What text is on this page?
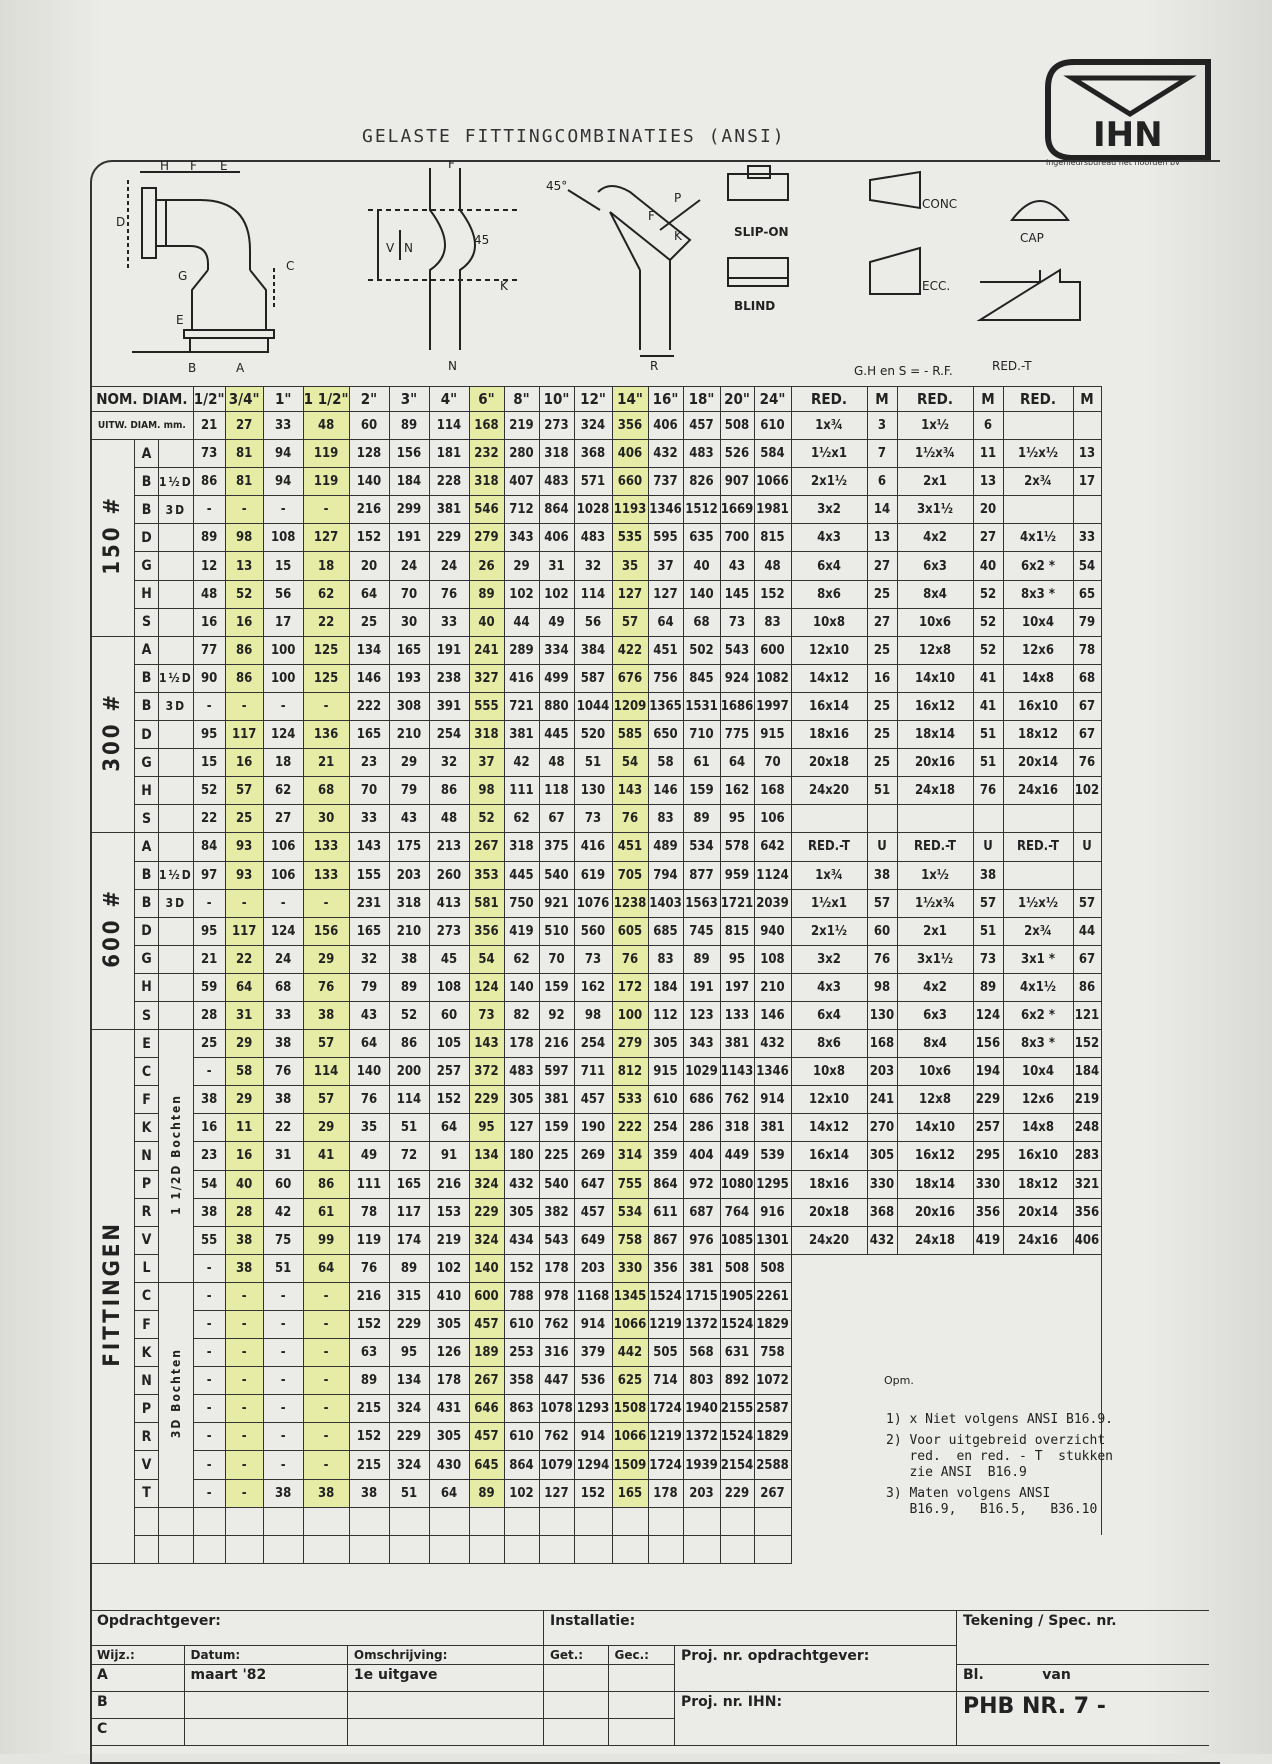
GELASTE FITTINGCOMBINATIES (ANSI)	IHN
ingenieursbureau het noorden bv
H F E
D
G
C
E
B	A
F
V N
45
K
N
45°
F
P
K
R
SLIP-ON
BLIND
CONC
ECC.
CAP
RED.-T
G.H en S = - R.F.
NOM. DIAM.			1/2"	3/4"	1"	1 1/2"	2"	3"	4"	6"	8"	10"	12"	14"	16"	18"	20"	24"	RED.	M	RED.	M	RED.	M
UITW. DIAM. mm.			21	27	33	48	60	89	114	168	219	273	324	356	406	457	508	610	1x¾	3	1x½	6		
150 #	A		73	81	94	119	128	156	181	232	280	318	368	406	432	483	526	584	1½x1	7	1½x¾	11	1½x½	13
	B	1½D	86	81	94	119	140	184	228	318	407	483	571	660	737	826	907	1066	2x1½	6	2x1	13	2x¾	17
	B	3D	-	-	-	-	216	299	381	546	712	864	1028	1193	1346	1512	1669	1981	3x2	14	3x1½	20		
	D		89	98	108	127	152	191	229	279	343	406	483	535	595	635	700	815	4x3	13	4x2	27	4x1½	33
	G		12	13	15	18	20	24	24	26	29	31	32	35	37	40	43	48	6x4	27	6x3	40	6x2 *	54
	H		48	52	56	62	64	70	76	89	102	102	114	127	127	140	145	152	8x6	25	8x4	52	8x3 *	65
	S		16	16	17	22	25	30	33	40	44	49	56	57	64	68	73	83	10x8	27	10x6	52	10x4	79
300 #	A		77	86	100	125	134	165	191	241	289	334	384	422	451	502	543	600	12x10	25	12x8	52	12x6	78
	B	1½D	90	86	100	125	146	193	238	327	416	499	587	676	756	845	924	1082	14x12	16	14x10	41	14x8	68
	B	3D	-	-	-	-	222	308	391	555	721	880	1044	1209	1365	1531	1686	1997	16x14	25	16x12	41	16x10	67
	D		95	117	124	136	165	210	254	318	381	445	520	585	650	710	775	915	18x16	25	18x14	51	18x12	67
	G		15	16	18	21	23	29	32	37	42	48	51	54	58	61	64	70	20x18	25	20x16	51	20x14	76
	H		52	57	62	68	70	79	86	98	111	118	130	143	146	159	162	168	24x20	51	24x18	76	24x16	102
	S		22	25	27	30	33	43	48	52	62	67	73	76	83	89	95	106						
600 #	A		84	93	106	133	143	175	213	267	318	375	416	451	489	534	578	642	RED.-T	U	RED.-T	U	RED.-T	U
	B	1½D	97	93	106	133	155	203	260	353	445	540	619	705	794	877	959	1124	1x¾	38	1x½	38		
	B	3D	-	-	-	-	231	318	413	581	750	921	1076	1238	1403	1563	1721	2039	1½x1	57	1½x¾	57	1½x½	57
	D		95	117	124	156	165	210	273	356	419	510	560	605	685	745	815	940	2x1½	60	2x1	51	2x¾	44
	G		21	22	24	29	32	38	45	54	62	70	73	76	83	89	95	108	3x2	76	3x1½	73	3x1 *	67
	H		59	64	68	76	79	89	108	124	140	159	162	172	184	191	197	210	4x3	98	4x2	89	4x1½	86
	S		28	31	33	38	43	52	60	73	82	92	98	100	112	123	133	146	6x4	130	6x3	124	6x2 *	121
FITTINGEN	E	1 1/2D Bochten	25	29	38	57	64	86	105	143	178	216	254	279	305	343	381	432	8x6	168	8x4	156	8x3 *	152
	C		-	58	76	114	140	200	257	372	483	597	711	812	915	1029	1143	1346	10x8	203	10x6	194	10x4	184
	F		38	29	38	57	76	114	152	229	305	381	457	533	610	686	762	914	12x10	241	12x8	229	12x6	219
	K		16	11	22	29	35	51	64	95	127	159	190	222	254	286	318	381	14x12	270	14x10	257	14x8	248
	N		23	16	31	41	49	72	91	134	180	225	269	314	359	404	449	539	16x14	305	16x12	295	16x10	283
	P		54	40	60	86	111	165	216	324	432	540	647	755	864	972	1080	1295	18x16	330	18x14	330	18x12	321
	R		38	28	42	61	78	117	153	229	305	382	457	534	611	687	764	916	20x18	368	20x16	356	20x14	356
	V		55	38	75	99	119	174	219	324	434	543	649	758	867	976	1085	1301	24x20	432	24x18	419	24x16	406
	L		-	38	51	64	76	89	102	140	152	178	203	330	356	381	508	508						
	C	3D Bochten	-	-	-	-	216	315	410	600	788	978	1168	1345	1524	1715	1905	2261						
	F		-	-	-	-	152	229	305	457	610	762	914	1066	1219	1372	1524	1829						
	K		-	-	-	-	63	95	126	189	253	316	379	442	505	568	631	758						
	N		-	-	-	-	89	134	178	267	358	447	536	625	714	803	892	1072						
	P		-	-	-	-	215	324	431	646	863	1078	1293	1508	1724	1940	2155	2587						
	R		-	-	-	-	152	229	305	457	610	762	914	1066	1219	1372	1524	1829						
	V		-	-	-	-	215	324	430	645	864	1079	1294	1509	1724	1939	2154	2588						
	T		-	-	38	38	38	51	64	89	102	127	152	165	178	203	229	267						

Opm.
1) x Niet volgens ANSI B16.9.
2) Voor uitgebreid overzicht
red.  en red. - T  stukken
zie ANSI  B16.9
3) Maten volgens ANSI
B16.9,   B16.5,   B36.10
Opdrachtgever:			Installatie:			Tekening / Spec. nr.
Wijz.:	Datum:	Omschrijving:	Get.:	Gec.:	Proj. nr. opdrachtgever:	
A	maart '82	1e uitgave				Bl.            van
B					Proj. nr. IHN:	PHB NR. 7 -
C						
